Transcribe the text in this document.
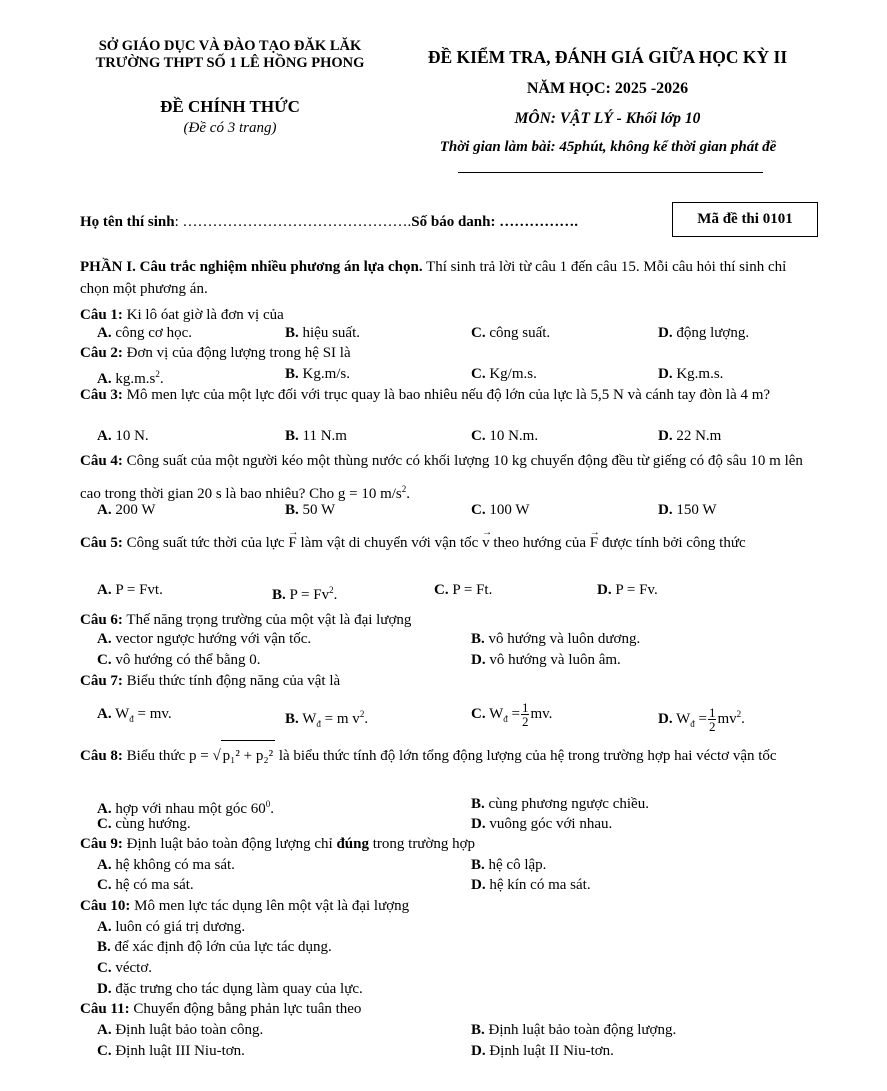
SỞ GIÁO DỤC VÀ ĐÀO TẠO ĐĂK LĂK
TRƯỜNG THPT SỐ 1 LÊ HỒNG PHONG
ĐỀ CHÍNH THỨC
(Đề có 3 trang)
ĐỀ KIỂM TRA, ĐÁNH GIÁ GIỮA HỌC KỲ II
NĂM HỌC: 2025 -2026
MÔN: VẬT LÝ - Khối lớp 10
Thời gian làm bài: 45phút, không kể thời gian phát đề
Họ tên thí sinh: ……………………………………….Số báo danh: …………….	Mã đề thi 0101
PHẦN I. Câu trắc nghiệm nhiều phương án lựa chọn. Thí sinh trả lời từ câu 1 đến câu 15. Mỗi câu hỏi thí sinh chỉ chọn một phương án.
Câu 1: Ki lô óat giờ là đơn vị của
A. công cơ học.	B. hiệu suất.	C. công suất.	D. động lượng.
Câu 2: Đơn vị của động lượng trong hệ SI là
A. $kg.m.s^2$.	B. Kg.m/s.	C. Kg/m.s.	D. Kg.m.s.
Câu 3: Mô men lực của một lực đối với trục quay là bao nhiêu nếu độ lớn của lực là 5,5 N và cánh tay đòn là 4 m?
A. 10 N.	B. 11 N.m	C. 10 N.m.	D. 22 N.m
Câu 4: Công suất của một người kéo một thùng nước có khối lượng 10 kg chuyển động đều từ giếng có độ sâu 10 m lên cao trong thời gian 20 s là bao nhiêu? Cho g = 10 $m/s^2$.
A. 200 W	B. 50 W	C. 100 W	D. 150 W
Câu 5: Công suất tức thời của lực → F làm vật di chuyển với vận tốc → v theo hướng của → F được tính bởi công thức
A. P = Fvt.	B. $P = Fv^2$.	C. P = Ft.	D. P = Fv.
Câu 6: Thế năng trọng trường của một vật là đại lượng
A. vector ngược hướng với vận tốc.	B. vô hướng và luôn dương.
C. vô hướng có thể bằng 0.	D. vô hướng và luôn âm.
Câu 7: Biểu thức tính động năng của vật là
A. $W_đ$ = mv.	B. $W_đ = m$ $v^2$.	C. $W_đ = \frac{1}{2}$ mv.	D. $W_đ = \frac{1}{2} mv^2$.
Câu 8: Biểu thức p = √ p₁² + p₂² là biểu thức tính độ lớn tổng động lượng của hệ trong trường hợp hai véctơ vận tốc
A. hợp với nhau một góc $60^0$.	B. cùng phương ngược chiều.
C. cùng hướng.	D. vuông góc với nhau.
Câu 9: Định luật bảo toàn động lượng chỉ đúng trong trường hợp
A. hệ không có ma sát.	B. hệ cô lập.
C. hệ có ma sát.	D. hệ kín có ma sát.
Câu 10: Mô men lực tác dụng lên một vật là đại lượng
A. luôn có giá trị dương.
B. để xác định độ lớn của lực tác dụng.
C. véctơ.
D. đặc trưng cho tác dụng làm quay của lực.
Câu 11: Chuyển động bằng phản lực tuân theo
A. Định luật bảo toàn công.	B. Định luật bảo toàn động lượng.
C. Định luật III Niu-tơn.	D. Định luật II Niu-tơn.
